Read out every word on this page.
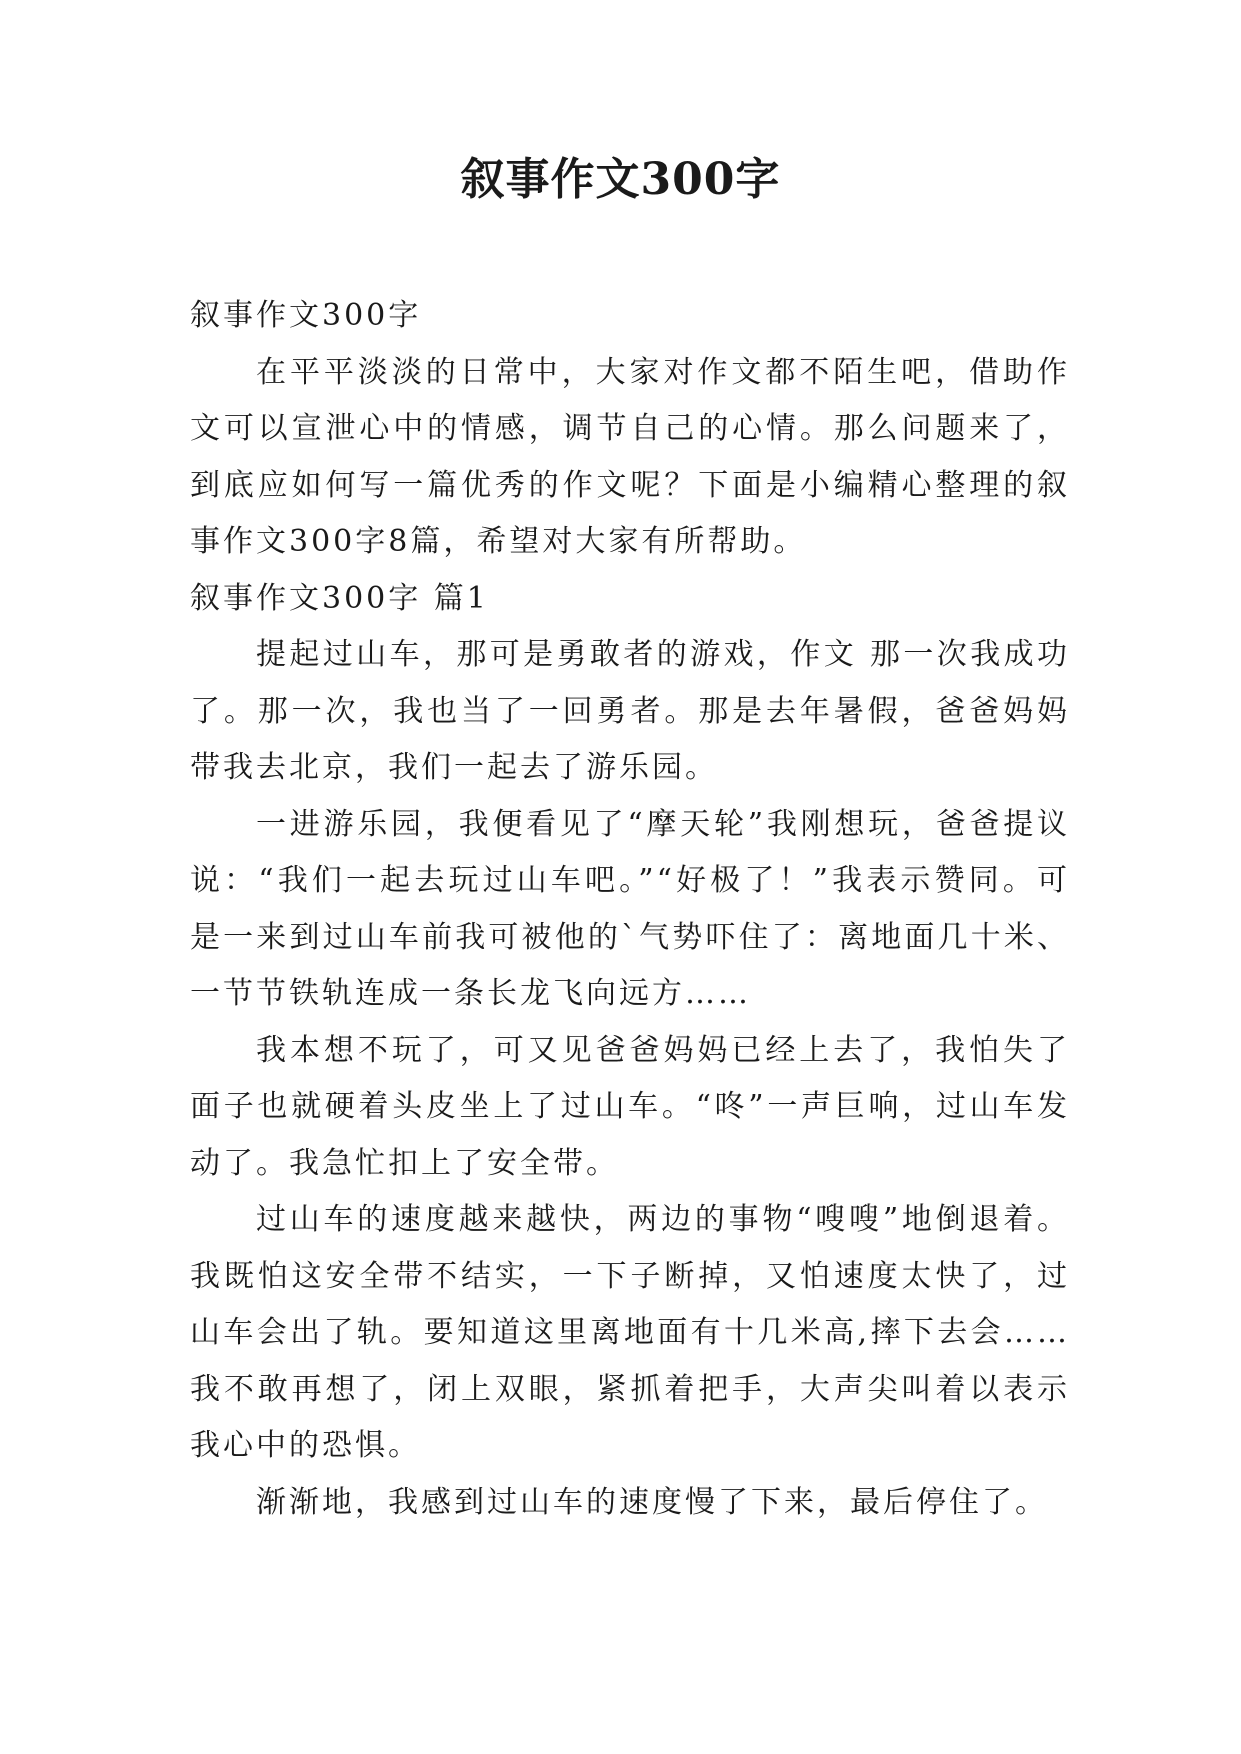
叙事作文300字

叙事作文300字

在平平淡淡的日常中，大家对作文都不陌生吧，借助作文可以宣泄心中的情感，调节自己的心情。那么问题来了，到底应如何写一篇优秀的作文呢？下面是小编精心整理的叙事作文300字8篇，希望对大家有所帮助。

叙事作文300字 篇1

提起过山车，那可是勇敢者的游戏，作文 那一次我成功了。那一次，我也当了一回勇者。那是去年暑假，爸爸妈妈带我去北京，我们一起去了游乐园。

一进游乐园，我便看见了“摩天轮”我刚想玩，爸爸提议说：“我们一起去玩过山车吧。”“好极了！”我表示赞同。可是一来到过山车前我可被他的`气势吓住了：离地面几十米、一节节铁轨连成一条长龙飞向远方……

我本想不玩了，可又见爸爸妈妈已经上去了，我怕失了面子也就硬着头皮坐上了过山车。“咚”一声巨响，过山车发动了。我急忙扣上了安全带。

过山车的速度越来越快，两边的事物“嗖嗖”地倒退着。我既怕这安全带不结实，一下子断掉，又怕速度太快了，过山车会出了轨。要知道这里离地面有十几米高,摔下去会……我不敢再想了，闭上双眼，紧抓着把手，大声尖叫着以表示我心中的恐惧。

渐渐地，我感到过山车的速度慢了下来，最后停住了。
